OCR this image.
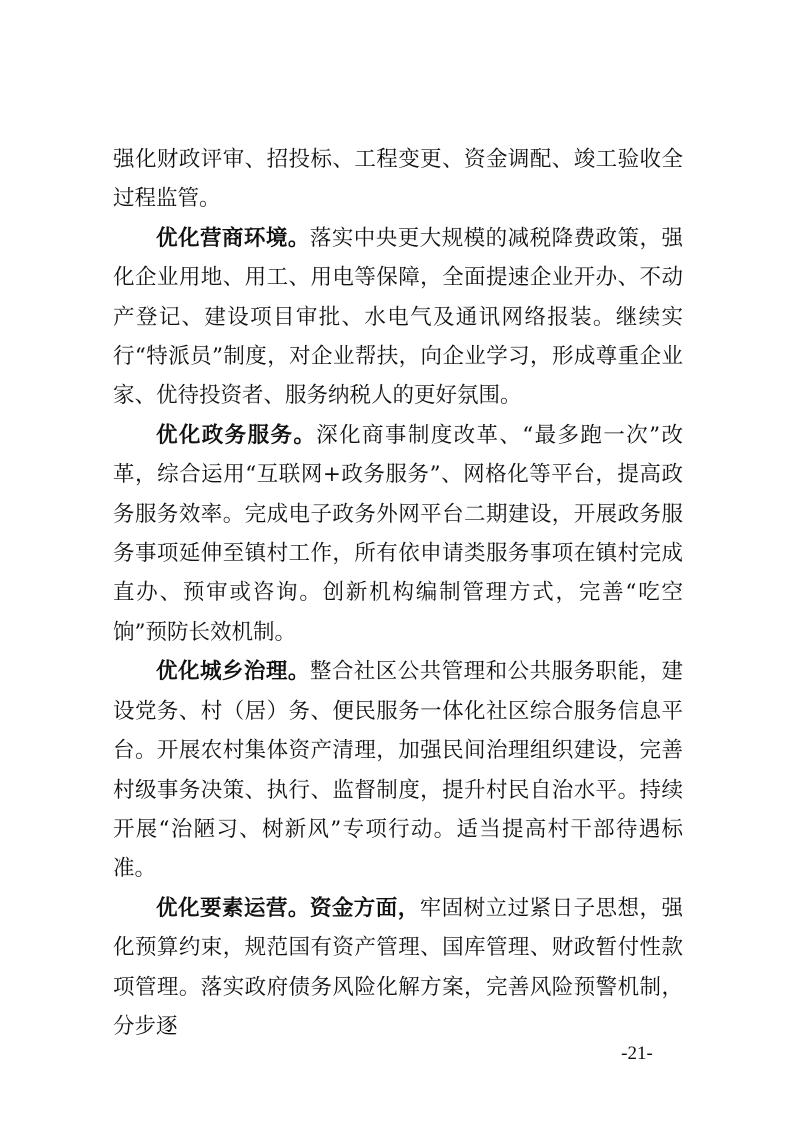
强化财政评审、招投标、工程变更、资金调配、竣工验收全过程监管。

优化营商环境。落实中央更大规模的减税降费政策，强化企业用地、用工、用电等保障，全面提速企业开办、不动产登记、建设项目审批、水电气及通讯网络报装。继续实行“特派员”制度，对企业帮扶，向企业学习，形成尊重企业家、优待投资者、服务纳税人的更好氛围。

优化政务服务。深化商事制度改革、“最多跑一次”改革，综合运用“互联网+政务服务”、网格化等平台，提高政务服务效率。完成电子政务外网平台二期建设，开展政务服务事项延伸至镇村工作，所有依申请类服务事项在镇村完成直办、预审或咨询。创新机构编制管理方式，完善“吃空饷”预防长效机制。

优化城乡治理。整合社区公共管理和公共服务职能，建设党务、村（居）务、便民服务一体化社区综合服务信息平台。开展农村集体资产清理，加强民间治理组织建设，完善村级事务决策、执行、监督制度，提升村民自治水平。持续开展“治陋习、树新风”专项行动。适当提高村干部待遇标准。

优化要素运营。资金方面，牢固树立过紧日子思想，强化预算约束，规范国有资产管理、国库管理、财政暂付性款项管理。落实政府债务风险化解方案，完善风险预警机制，分步逐

-21-
